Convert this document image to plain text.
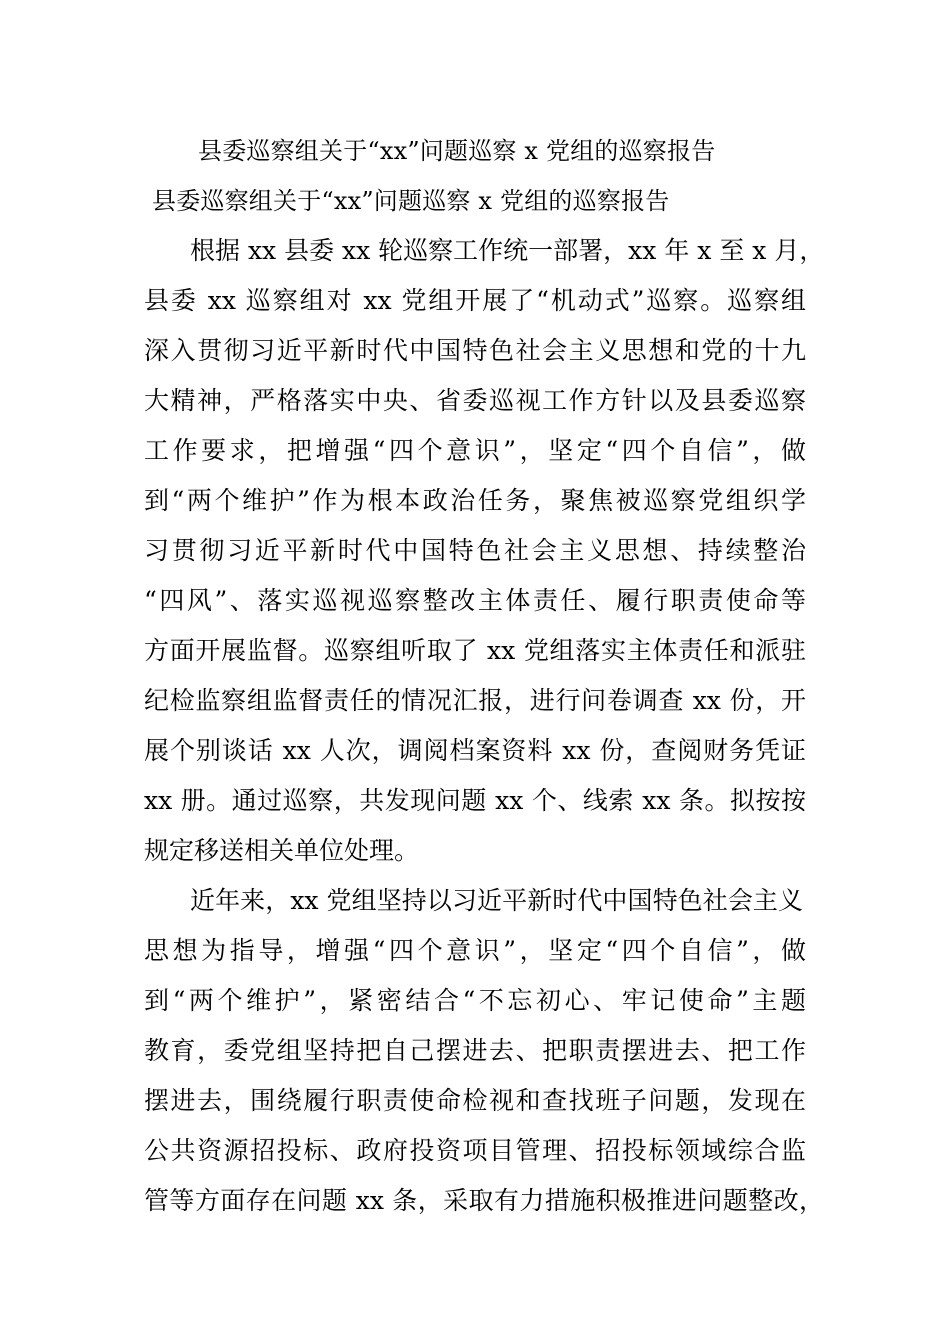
县委巡察组关于“xx”问题巡察 x 党组的巡察报告
县委巡察组关于“xx”问题巡察 x 党组的巡察报告
根据 xx 县委 xx 轮巡察工作统一部署，xx 年 x 至 x 月，
县委 xx 巡察组对 xx 党组开展了“机动式”巡察。巡察组
深入贯彻习近平新时代中国特色社会主义思想和党的十九
大精神，严格落实中央、省委巡视工作方针以及县委巡察
工作要求，把增强“四个意识”，坚定“四个自信”，做
到“两个维护”作为根本政治任务，聚焦被巡察党组织学
习贯彻习近平新时代中国特色社会主义思想、持续整治
“四风”、落实巡视巡察整改主体责任、履行职责使命等
方面开展监督。巡察组听取了 xx 党组落实主体责任和派驻
纪检监察组监督责任的情况汇报，进行问卷调查 xx 份，开
展个别谈话 xx 人次，调阅档案资料 xx 份，查阅财务凭证
xx 册。通过巡察，共发现问题 xx 个、线索 xx 条。拟按按
规定移送相关单位处理。
近年来，xx 党组坚持以习近平新时代中国特色社会主义
思想为指导，增强“四个意识”，坚定“四个自信”，做
到“两个维护”，紧密结合“不忘初心、牢记使命”主题
教育，委党组坚持把自己摆进去、把职责摆进去、把工作
摆进去，围绕履行职责使命检视和查找班子问题，发现在
公共资源招投标、政府投资项目管理、招投标领域综合监
管等方面存在问题 xx 条，采取有力措施积极推进问题整改，
